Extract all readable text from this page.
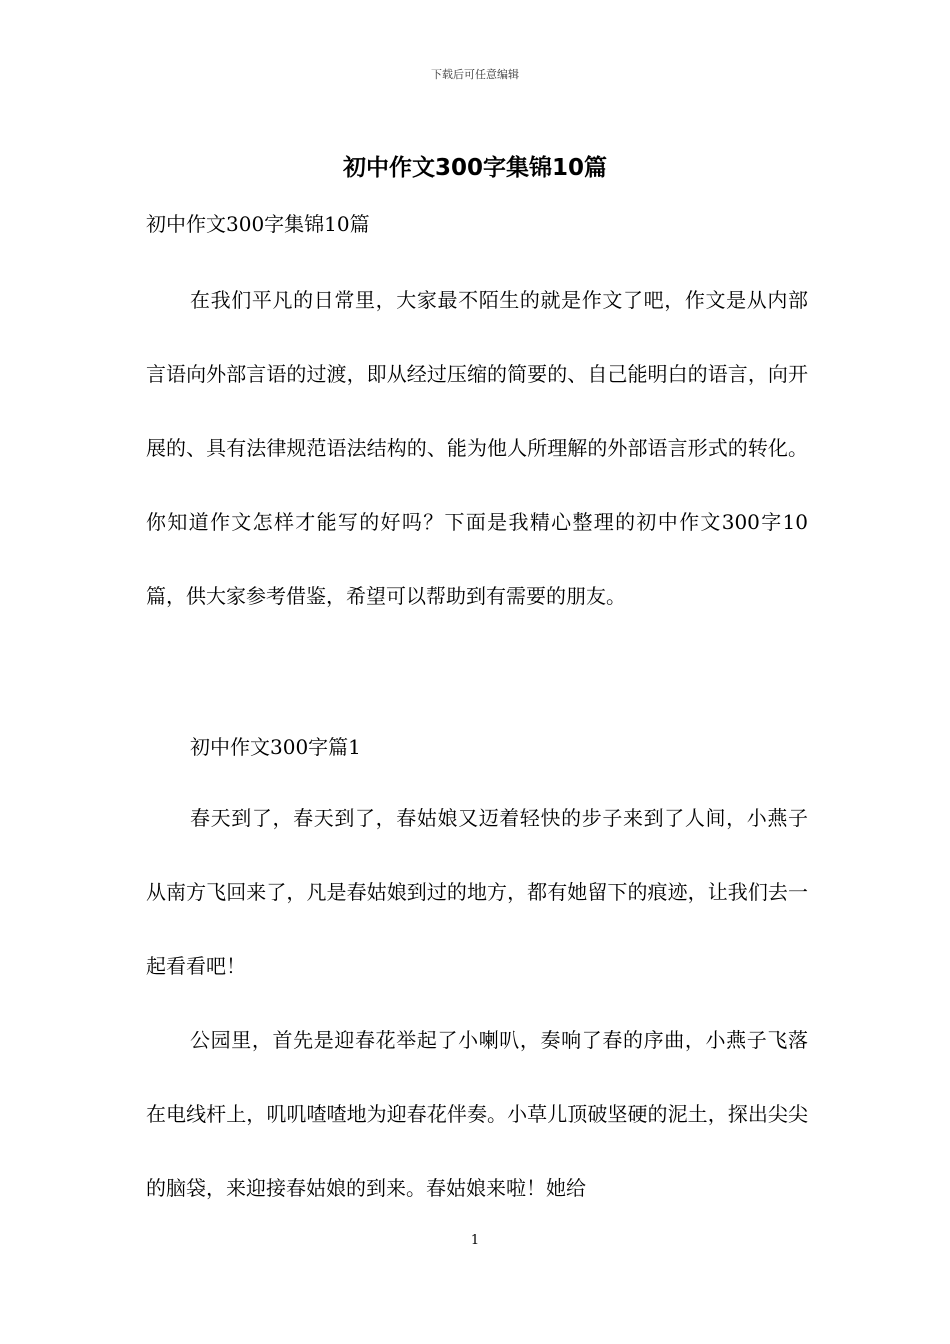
下载后可任意编辑
初中作文300字集锦10篇
初中作文300字集锦10篇

在我们平凡的日常里，大家最不陌生的就是作文了吧，作文是从内部言语向外部言语的过渡，即从经过压缩的简要的、自己能明白的语言，向开展的、具有法律规范语法结构的、能为他人所理解的外部语言形式的转化。你知道作文怎样才能写的好吗？下面是我精心整理的初中作文300字10篇，供大家参考借鉴，希望可以帮助到有需要的朋友。

初中作文300字篇1

春天到了，春天到了，春姑娘又迈着轻快的步子来到了人间，小燕子从南方飞回来了，凡是春姑娘到过的地方，都有她留下的痕迹，让我们去一起看看吧！

公园里，首先是迎春花举起了小喇叭，奏响了春的序曲，小燕子飞落在电线杆上，叽叽喳喳地为迎春花伴奏。小草儿顶破坚硬的泥土，探出尖尖的脑袋，来迎接春姑娘的到来。春姑娘来啦！她给

1
